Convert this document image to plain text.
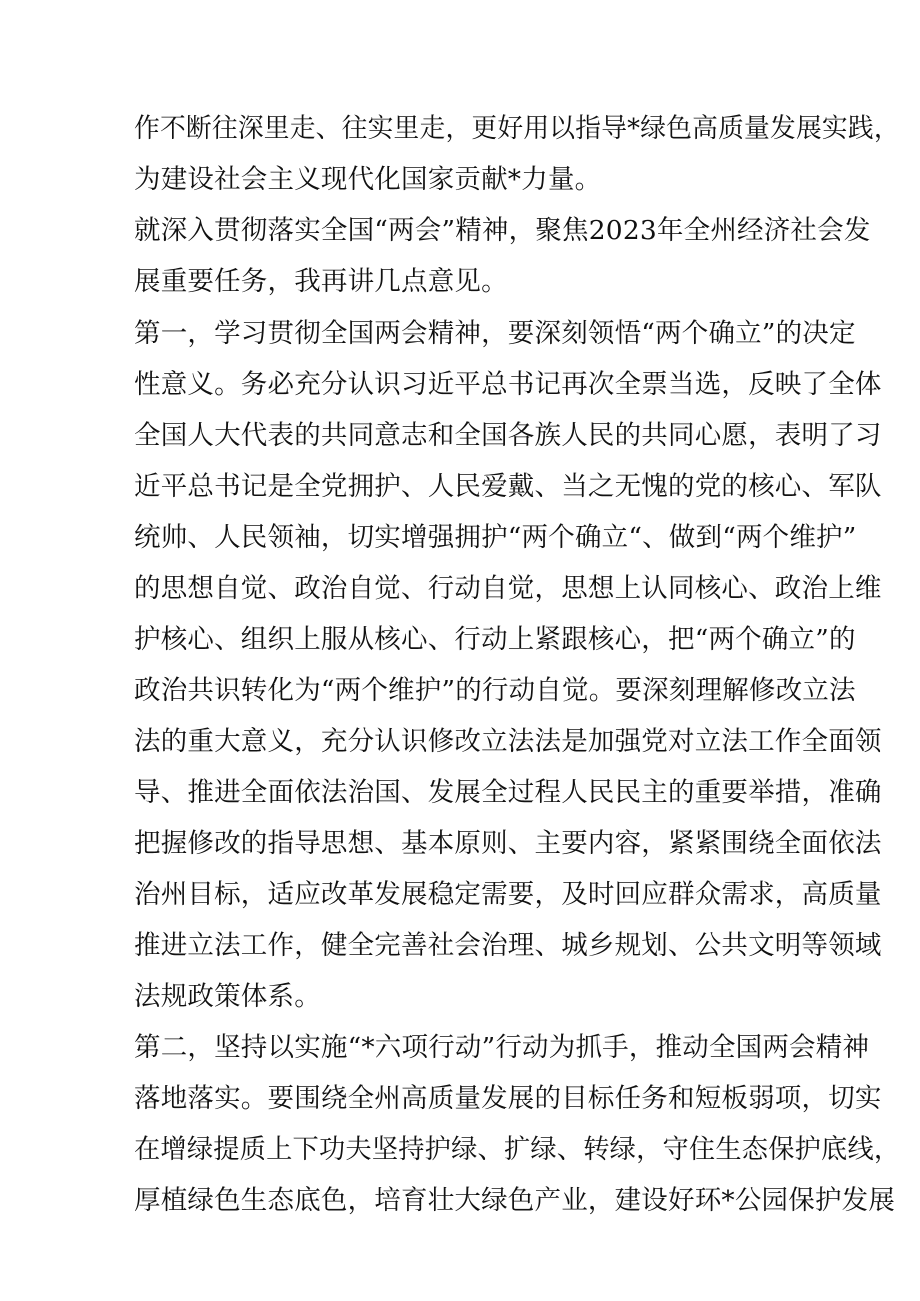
作不断往深里走、往实里走，更好用以指导*绿色高质量发展实践，
为建设社会主义现代化国家贡献*力量。
就深入贯彻落实全国“两会”精神，聚焦2023年全州经济社会发
展重要任务，我再讲几点意见。
第一，学习贯彻全国两会精神，要深刻领悟“两个确立”的决定
性意义。务必充分认识习近平总书记再次全票当选，反映了全体
全国人大代表的共同意志和全国各族人民的共同心愿，表明了习
近平总书记是全党拥护、人民爱戴、当之无愧的党的核心、军队
统帅、人民领袖，切实增强拥护“两个确立“、做到“两个维护”
的思想自觉、政治自觉、行动自觉，思想上认同核心、政治上维
护核心、组织上服从核心、行动上紧跟核心，把“两个确立”的
政治共识转化为“两个维护”的行动自觉。要深刻理解修改立法
法的重大意义，充分认识修改立法法是加强党对立法工作全面领
导、推进全面依法治国、发展全过程人民民主的重要举措，准确
把握修改的指导思想、基本原则、主要内容，紧紧围绕全面依法
治州目标，适应改革发展稳定需要，及时回应群众需求，高质量
推进立法工作，健全完善社会治理、城乡规划、公共文明等领域
法规政策体系。
第二，坚持以实施“*六项行动”行动为抓手，推动全国两会精神
落地落实。要围绕全州高质量发展的目标任务和短板弱项，切实
在增绿提质上下功夫坚持护绿、扩绿、转绿，守住生态保护底线，
厚植绿色生态底色，培育壮大绿色产业，建设好环*公园保护发展
